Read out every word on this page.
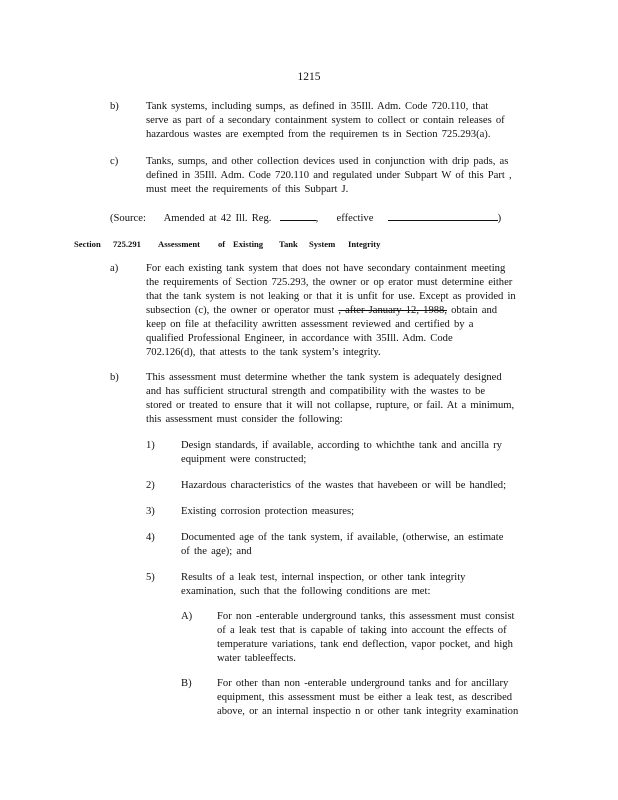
1215
b)	Tank systems, including sumps, as defined in 35Ill. Adm. Code 720.110, that
serve as part of a secondary containment system to collect or contain releases of
hazardous wastes are exempted from the requiremen ts in Section 725.293(a).
c)	Tanks, sumps, and other collection devices used in conjunction with drip pads, as
defined in 35Ill. Adm. Code 720.110 and regulated under Subpart W of this Part ,
must meet the requirements of this Subpart J.
(Source: Amended at 42 Ill. Reg.	, effective	)
Section 725.291 Assessment of Existing Tank System Integrity
a)	For each existing tank system that does not have secondary containment meeting
the requirements of Section 725.293, the owner or op erator must determine either
that the tank system is not leaking or that it is unfit for use. Except as provided in
subsection (c), the owner or operator must , after January 12, 1988, obtain and
keep on file at thefacility awritten assessment reviewed and certified by a
qualified Professional Engineer, in accordance with 35Ill. Adm. Code
702.126(d), that attests to the tank system’s integrity.
b)	This assessment must determine whether the tank system is adequately designed
and has sufficient structural strength and compatibility with the wastes to be
stored or treated to ensure that it will not collapse, rupture, or fail. At a minimum,
this assessment must consider the following:
1) Design standards, if available, according to whichthe tank and ancilla ry
equipment were constructed;
2) Hazardous characteristics of the wastes that havebeen or will be handled;
3) Existing corrosion protection measures;
4) Documented age of the tank system, if available, (otherwise, an estimate
of the age); and
5) Results of a leak test, internal inspection, or other tank integrity
examination, such that the following conditions are met:
A) For non -enterable underground tanks, this assessment must consist
of a leak test that is capable of taking into account the effects of
temperature variations, tank end deflection, vapor pocket, and high
water tableeffects.
B) For other than non -enterable underground tanks and for ancillary
equipment, this assessment must be either a leak test, as described
above, or an internal inspectio n or other tank integrity examination
